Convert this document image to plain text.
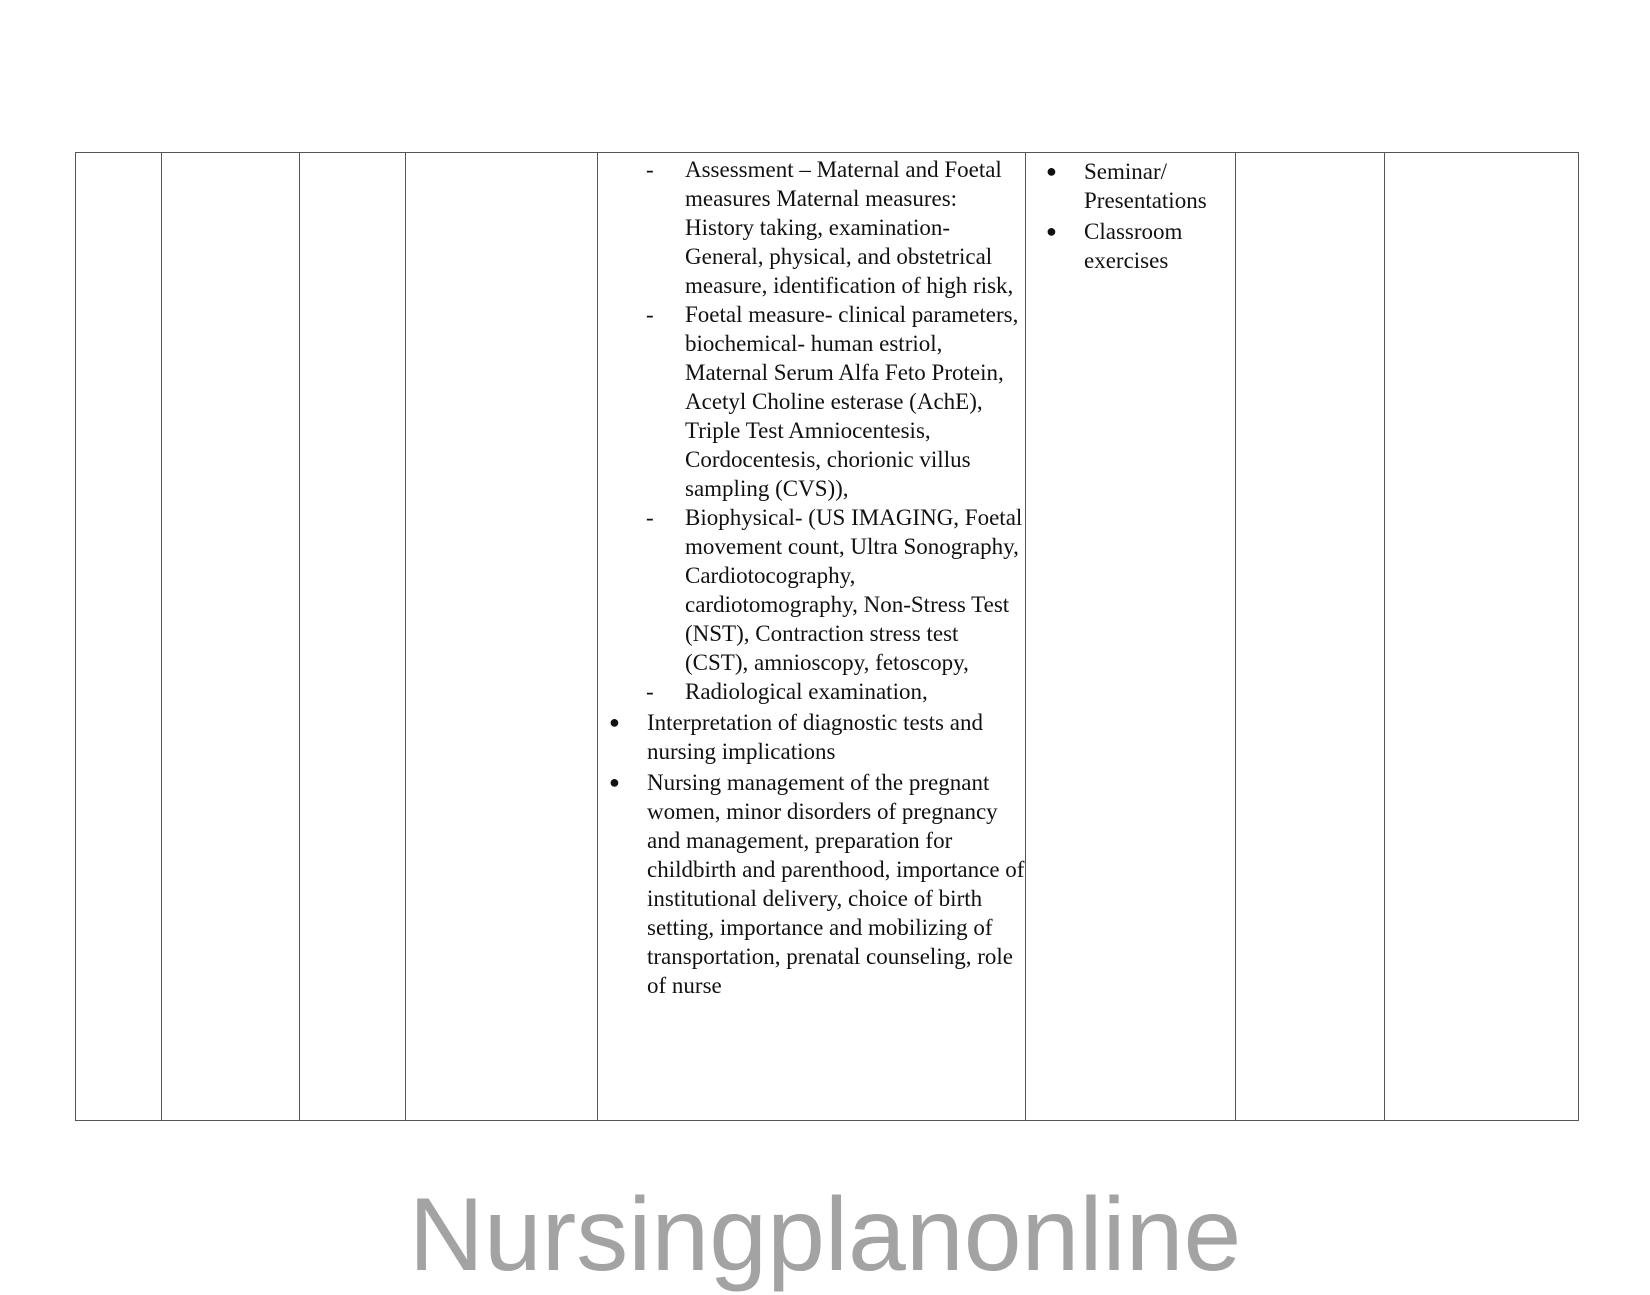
- Assessment – Maternal and Foetal measures Maternal measures: History taking, examination-General, physical, and obstetrical measure, identification of high risk,
- Foetal measure- clinical parameters, biochemical- human estriol, Maternal Serum Alfa Feto Protein, Acetyl Choline esterase (AchE), Triple Test Amniocentesis, Cordocentesis, chorionic villus sampling (CVS)),
- Biophysical- (US IMAGING, Foetal movement count, Ultra Sonography, Cardiotocography, cardiotomography, Non-Stress Test (NST), Contraction stress test (CST), amnioscopy, fetoscopy,
- Radiological examination,
● Interpretation of diagnostic tests and nursing implications
● Nursing management of the pregnant women, minor disorders of pregnancy and management, preparation for childbirth and parenthood, importance of institutional delivery, choice of birth setting, importance and mobilizing of transportation, prenatal counseling, role of nurse

● Seminar/ Presentations
● Classroom exercises

Nursingplanonline
